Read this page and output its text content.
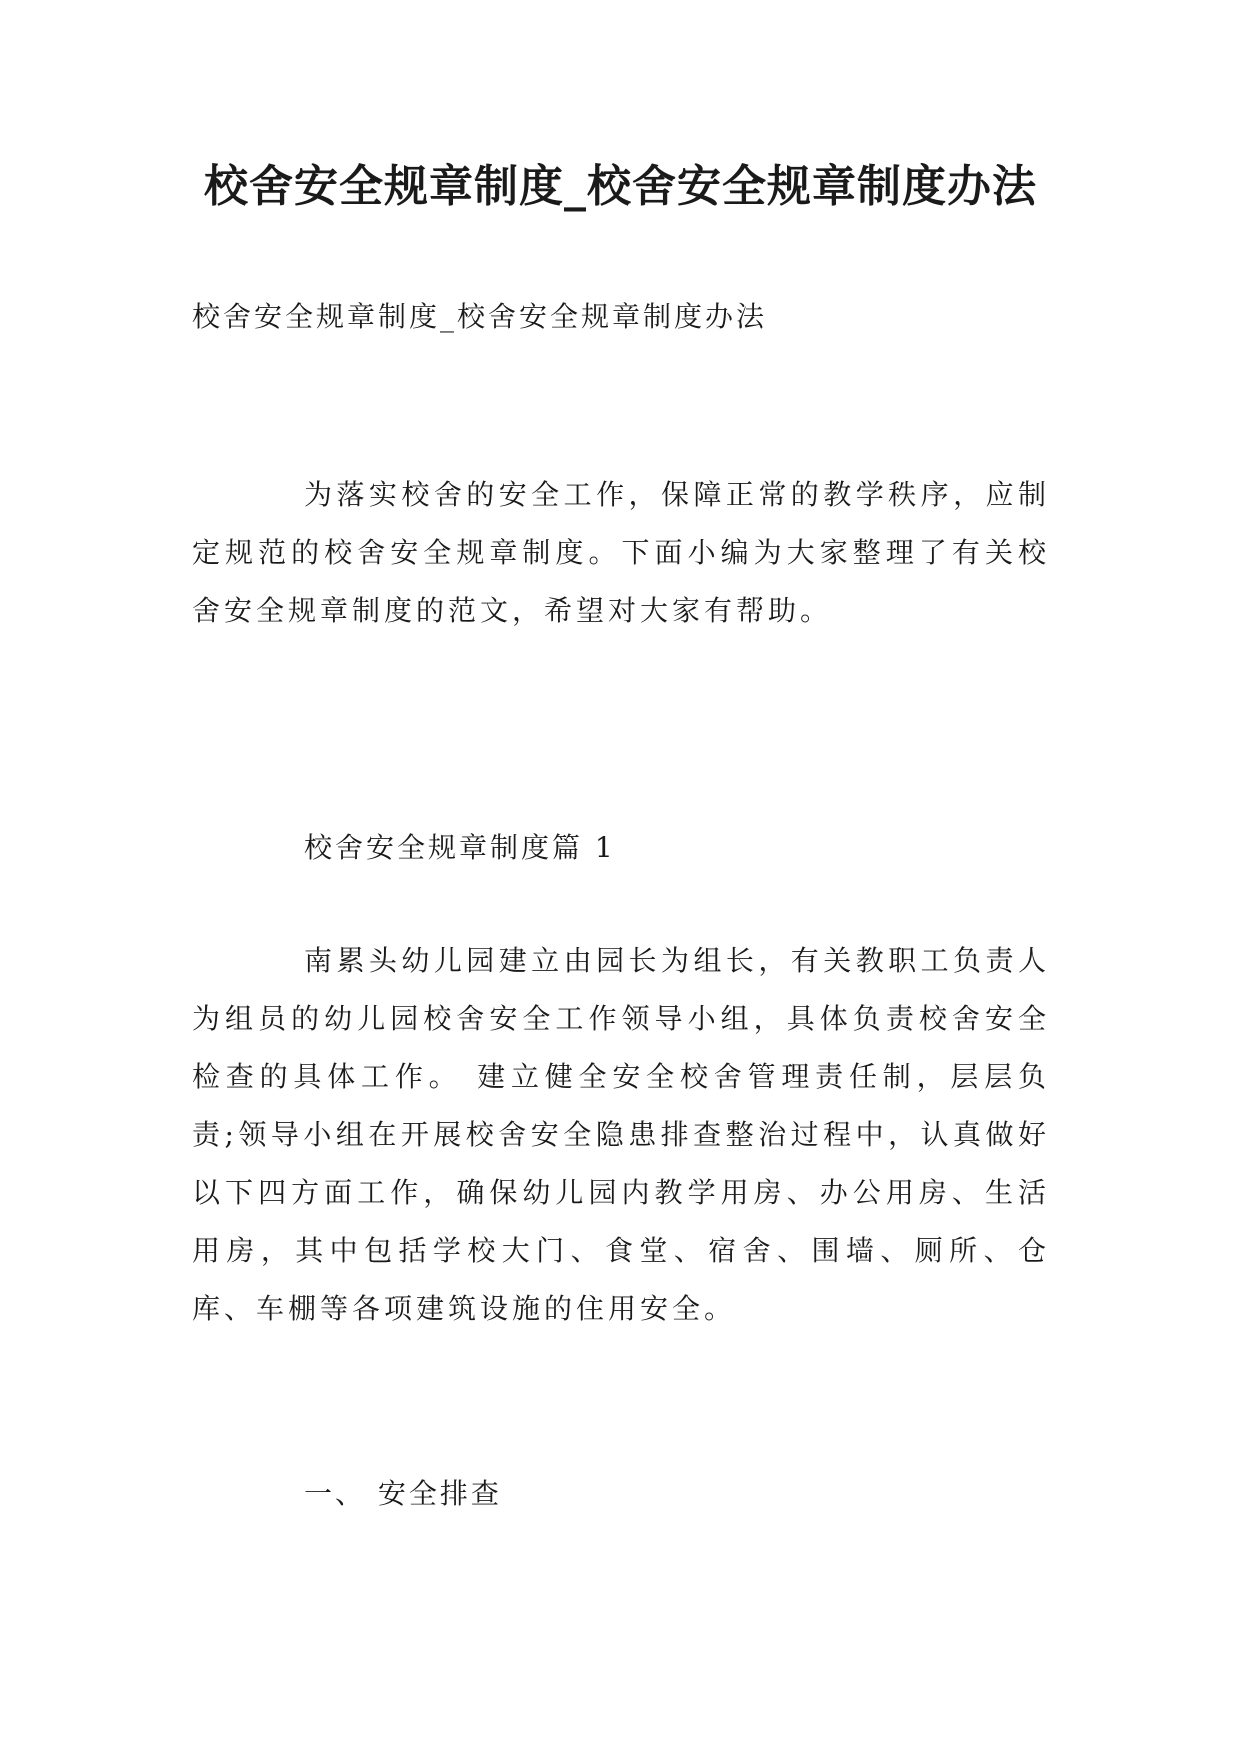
校舍安全规章制度_校舍安全规章制度办法
校舍安全规章制度_校舍安全规章制度办法

为落实校舍的安全工作，保障正常的教学秩序，应制定规范的校舍安全规章制度。下面小编为大家整理了有关校舍安全规章制度的范文，希望对大家有帮助。

校舍安全规章制度篇 1

南累头幼儿园建立由园长为组长，有关教职工负责人为组员的幼儿园校舍安全工作领导小组，具体负责校舍安全检查的具体工作。 建立健全安全校舍管理责任制，层层负责;领导小组在开展校舍安全隐患排查整治过程中，认真做好以下四方面工作，确保幼儿园内教学用房、办公用房、生活用房，其中包括学校大门、食堂、宿舍、围墙、厕所、仓库、车棚等各项建筑设施的住用安全。

一、 安全排查
